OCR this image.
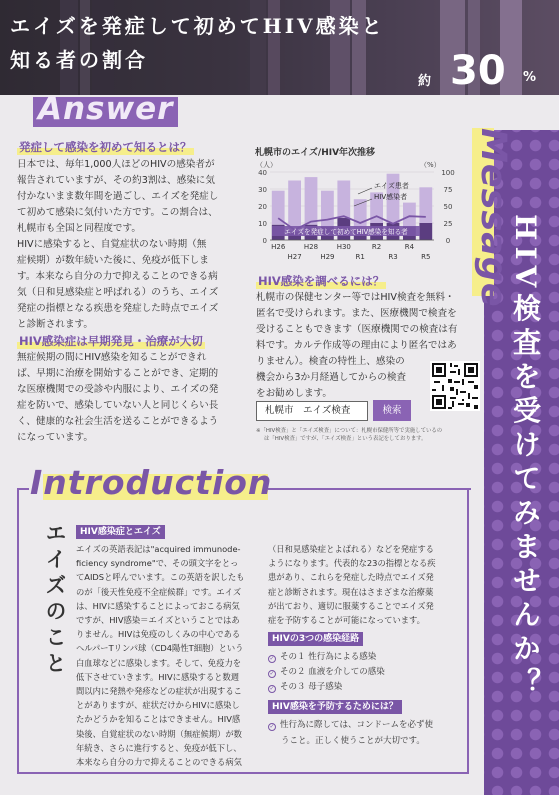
エイズを発症して初めてHIV感染と
知る者の割合
約 30 %
Answer
発症して感染を初めて知るとは？

日本では、毎年1,000人ほどのHIVの感染者が

報告されていますが、その約3割は、感染に気

付かないまま数年間を過ごし、エイズを発症し

て初めて感染に気付いた方です。この割合は、

札幌市も全国と同程度です。

HIVに感染すると、自覚症状のない時期（無

症候期）が数年続いた後に、免疫が低下しま

す。本来なら自分の力で抑えることのできる病

気（日和見感染症と呼ばれる）のうち、エイズ

発症の指標となる疾患を発症した時点でエイズ

と診断されます。

HIV感染症は早期発見・治療が大切

無症候期の間にHIV感染を知ることができれ

ば、早期に治療を開始することができ、定期的

な医療機関での受診や内服により、エイズの発

症を防いで、感染していない人と同じくらい長

く、健康的な社会生活を送ることができるよう

になっています。

札幌市のエイズ/HIV年次推移
0
10
20
30
40
0
25
50
75
100
（人）	（%）
H26	H28	H30	R2	R4
H27	H29	R1	R3	R5
エイズ患者
HIV感染者
エイズを発症して初めてHIV感染を知る者
HIV感染を調べるには？

札幌市の保健センター等ではHIV検査を無料・

匿名で受けられます。また、医療機関で検査を

受けることもできます（医療機関での検査は有

料です。カルテ作成等の理由により匿名ではあ

りません）。検査の特性上、感染の

機会から3か月経過してからの検査

をお勧めします。

札幌市　エイズ検査	検索
※「HIV検査」と「エイズ検査」について：札幌市保健所等で実施しているの
は「HIV検査」ですが、「エイズ検査」という表記をしております。
Message
HIV検査を受けてみませんか？
Introduction
エイズのこと	HIV感染症とエイズ
エイズの英語表記は"acquired immunode-
ficiency syndrome"で、その頭文字をとっ
てAIDSと呼んでいます。この英語を訳したも
のが「後天性免疫不全症候群」です。エイズ
は、HIVに感染することによっておこる病気
ですが、HIV感染＝エイズということではあ
りません。HIVは免疫のしくみの中心である
ヘルパーTリンパ球（CD4陽性T細胞）という
白血球などに感染します。そして、免疫力を
低下させていきます。HIVに感染すると数週
間以内に発熱や発疹などの症状が出現するこ
とがありますが、症状だけからHIVに感染し
たかどうかを知ることはできません。HIV感
染後、自覚症状のない時期（無症候期）が数
年続き、さらに進行すると、免疫が低下し、
本来なら自分の力で抑えることのできる病気
（日和見感染症とよばれる）などを発症する
ようになります。代表的な23の指標となる疾
患があり、これらを発症した時点でエイズ発
症と診断されます。現在はさまざまな治療薬
が出ており、適切に服薬することでエイズ発
症を予防することが可能になっています。
HIVの3つの感染経路
✓ その１ 性行為による感染
✓ その２ 血液を介しての感染
✓ その３ 母子感染
HIV感染を予防するためには？
✓ 性行為に際しては、コンドームを必ず使
うこと。正しく使うことが大切です。
